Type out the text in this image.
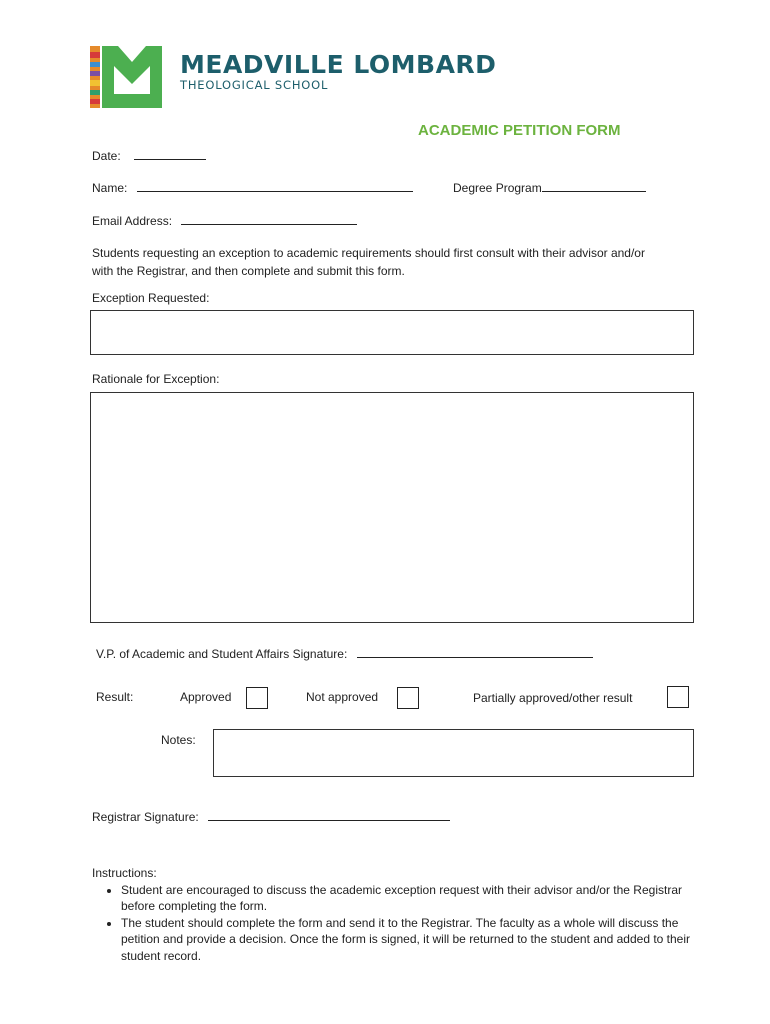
MEADVILLE LOMBARD
THEOLOGICAL SCHOOL
ACADEMIC PETITION FORM
Date:
Name:	Degree Program
Email Address:
Students requesting an exception to academic requirements should first consult with their advisor and/or
with the Registrar, and then complete and submit this form.
Exception Requested:
Rationale for Exception:
V.P. of Academic and Student Affairs Signature:
Result:	Approved	Not approved	Partially approved/other result
Notes:
Registrar Signature:
Instructions:
• Student are encouraged to discuss the academic exception request with their advisor and/or the Registrar before completing the form.
• The student should complete the form and send it to the Registrar. The faculty as a whole will discuss the petition and provide a decision. Once the form is signed, it will be returned to the student and added to their student record.
